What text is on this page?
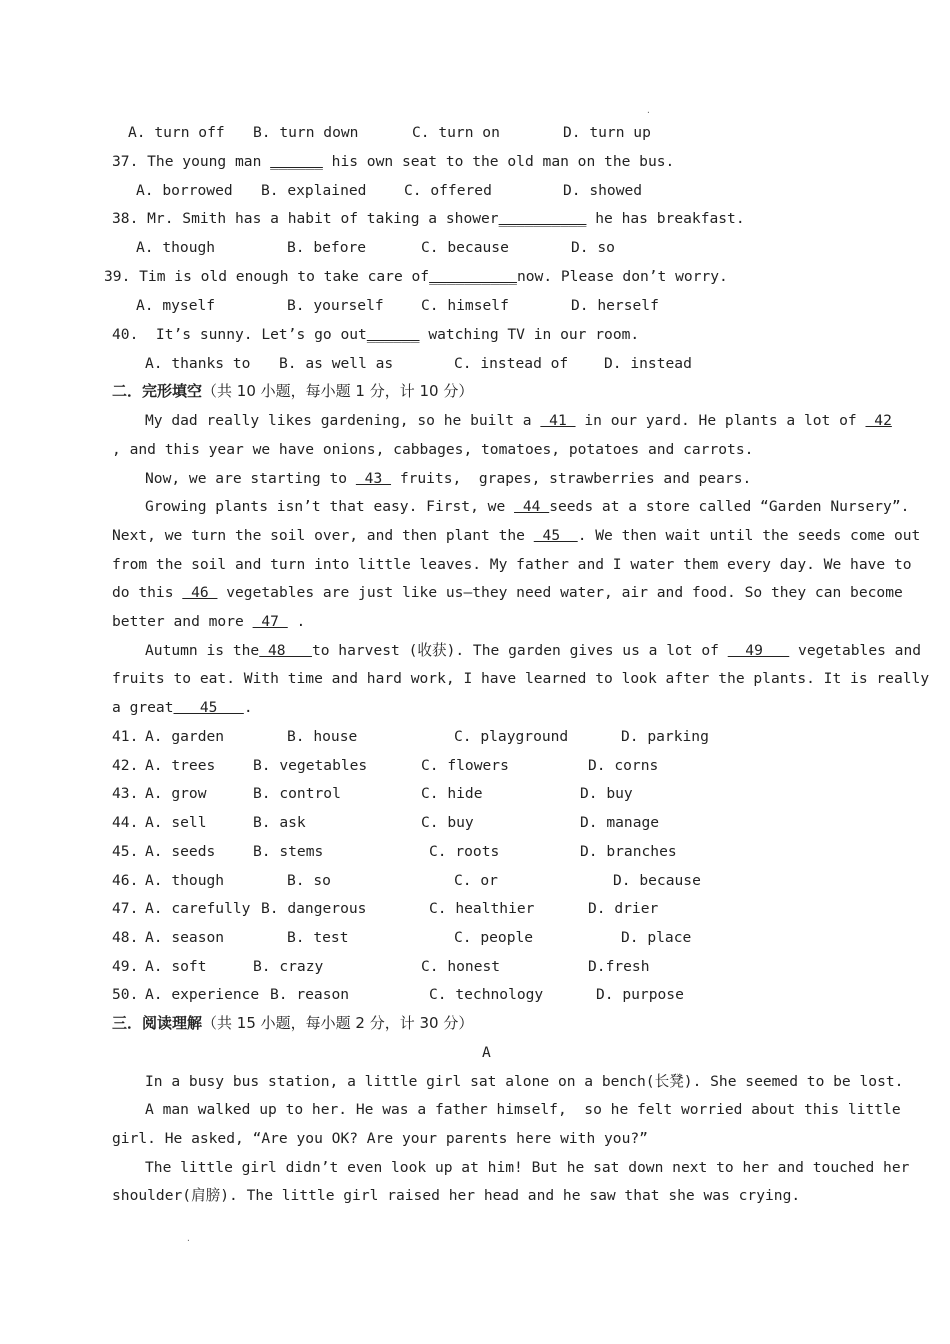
·
A. turn off B. turn down	C. turn on	D. turn up
37. The young man ______ his own seat to the old man on the bus.
A. borrowed B. explained	C. offered	D. showed
38. Mr. Smith has a habit of taking a shower__________ he has breakfast.
A. though	B. before	C. because	D. so
39. Tim is old enough to take care of__________now. Please don’t worry.
A. myself	B. yourself	C. himself	D. herself
40.  It’s sunny. Let’s go out______ watching TV in our room.
A. thanks to B. as well as	C. instead of D. instead
二．完形填空（共 10 小题，每小题 1 分，计 10 分）
My dad really likes gardening, so he built a  41  in our yard. He plants a lot of  42
, and this year we have onions, cabbages, tomatoes, potatoes and carrots.
Now, we are starting to  43  fruits,  grapes, strawberries and pears.
Growing plants isn’t that easy. First, we  44 seeds at a store called “Garden Nursery”.
Next, we turn the soil over, and then plant the  45  . We then wait until the seeds come out
from the soil and turn into little leaves. My father and I water them every day. We have to
do this  46  vegetables are just like us—they need water, air and food. So they can become
better and more  47  .
Autumn is the 48   to harvest (收获). The garden gives us a lot of   49    vegetables and
fruits to eat. With time and hard work, I have learned to look after the plants. It is really
a great   45   .
41. A. garden	B. house	C. playground	D. parking
42. A. trees	B. vegetables	C. flowers	D. corns
43. A. grow	B. control	C. hide	D. buy
44. A. sell	B. ask	C. buy	D. manage
45. A. seeds	B. stems	C. roots	D. branches
46. A. though	B. so	C. or	D. because
47. A. carefully B. dangerous	C. healthier	D. drier
48. A. season	B. test	C. people	D. place
49. A. soft	B. crazy	C. honest	D.fresh
50. A. experience B. reason	C. technology	D. purpose
三．阅读理解（共 15 小题，每小题 2 分，计 30 分）
A
In a busy bus station, a little girl sat alone on a bench(长凳). She seemed to be lost.
A man walked up to her. He was a father himself,  so he felt worried about this little
girl. He asked, “Are you OK? Are your parents here with you?”
The little girl didn’t even look up at him! But he sat down next to her and touched her
shoulder(肩膀). The little girl raised her head and he saw that she was crying.
·
